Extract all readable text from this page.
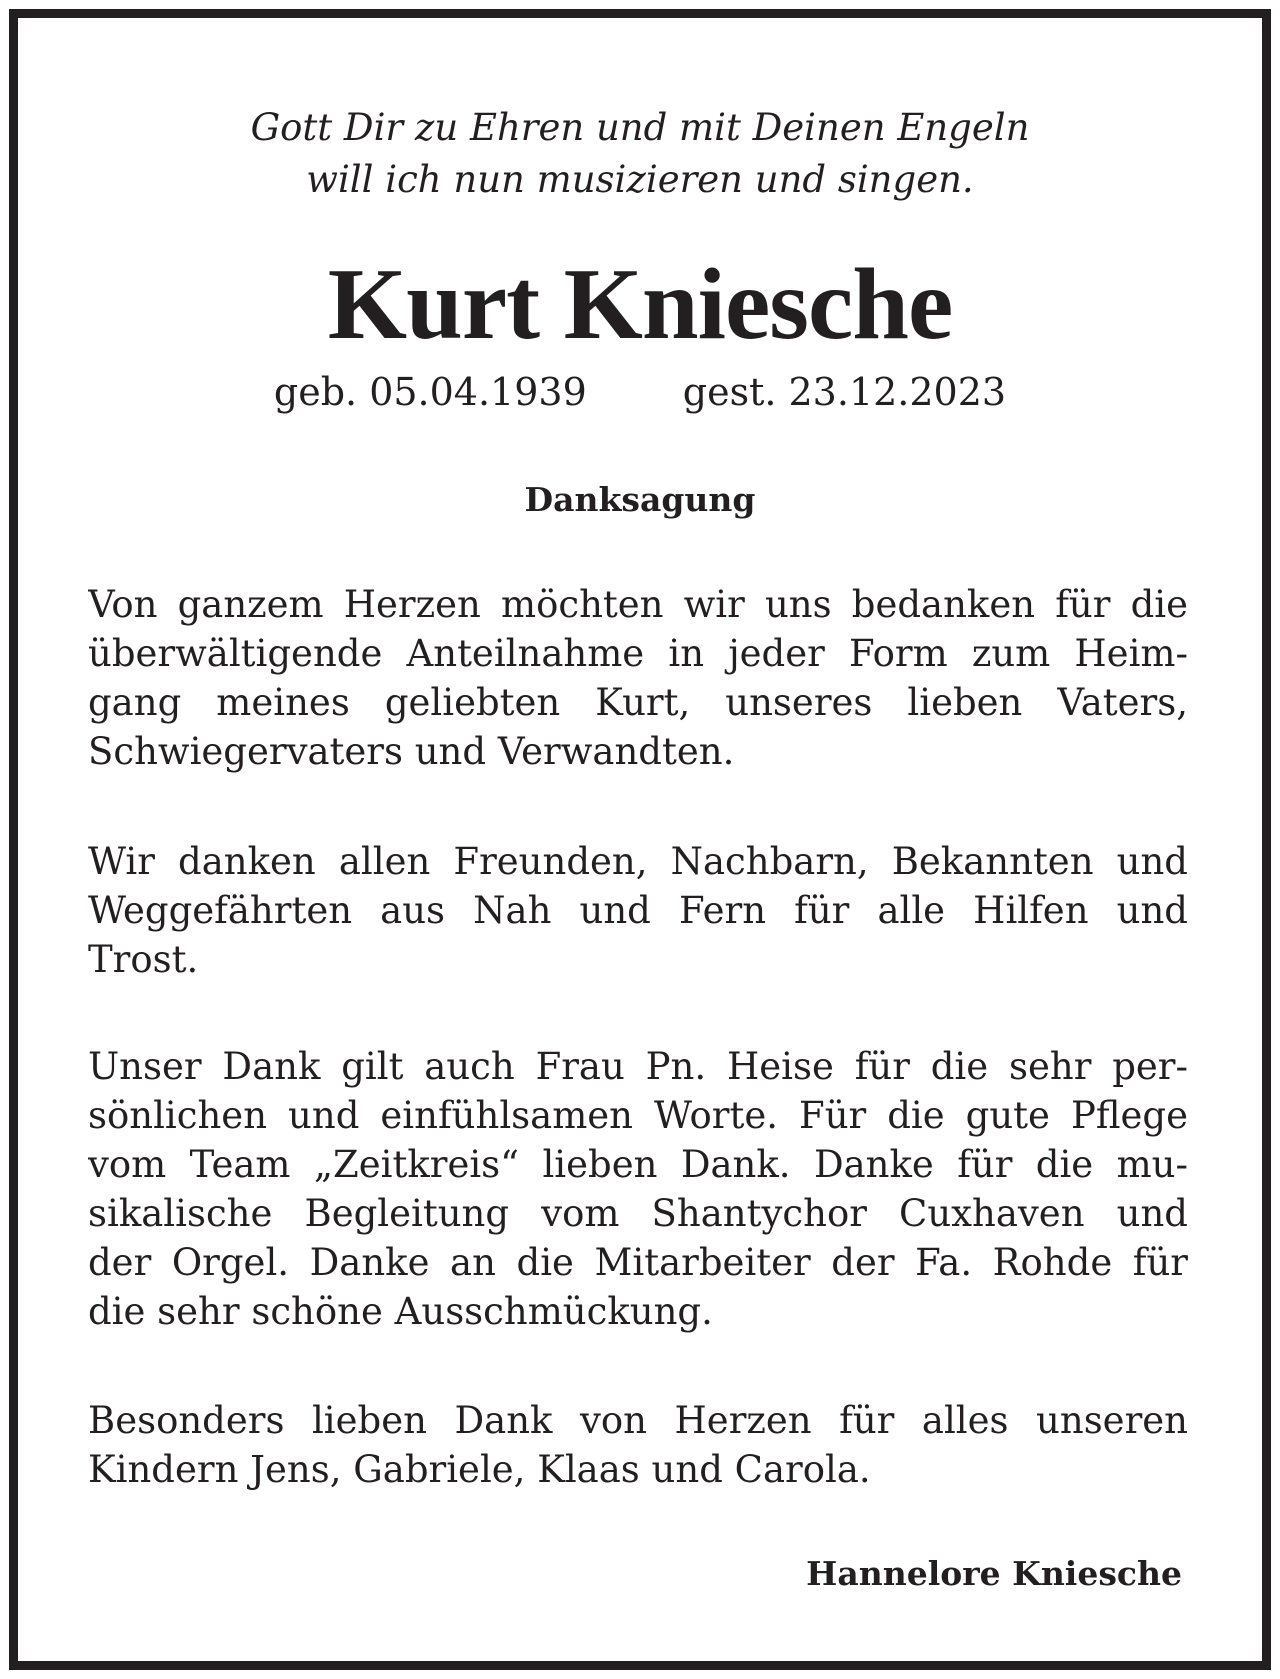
Gott Dir zu Ehren und mit Deinen Engeln
will ich nun musizieren und singen.
Kurt Kniesche
geb. 05.04.1939	gest. 23.12.2023
Danksagung
Von ganzem Herzen möchten wir uns bedanken für die
überwältigende Anteilnahme in jeder Form zum Heim-
gang meines geliebten Kurt, unseres lieben Vaters,
Schwiegervaters und Verwandten.
Wir danken allen Freunden, Nachbarn, Bekannten und
Weggefährten aus Nah und Fern für alle Hilfen und
Trost.
Unser Dank gilt auch Frau Pn. Heise für die sehr per-
sönlichen und einfühlsamen Worte. Für die gute Pflege
vom Team „Zeitkreis“ lieben Dank. Danke für die mu-
sikalische Begleitung vom Shantychor Cuxhaven und
der Orgel. Danke an die Mitarbeiter der Fa. Rohde für
die sehr schöne Ausschmückung.
Besonders lieben Dank von Herzen für alles unseren
Kindern Jens, Gabriele, Klaas und Carola.
Hannelore Kniesche
